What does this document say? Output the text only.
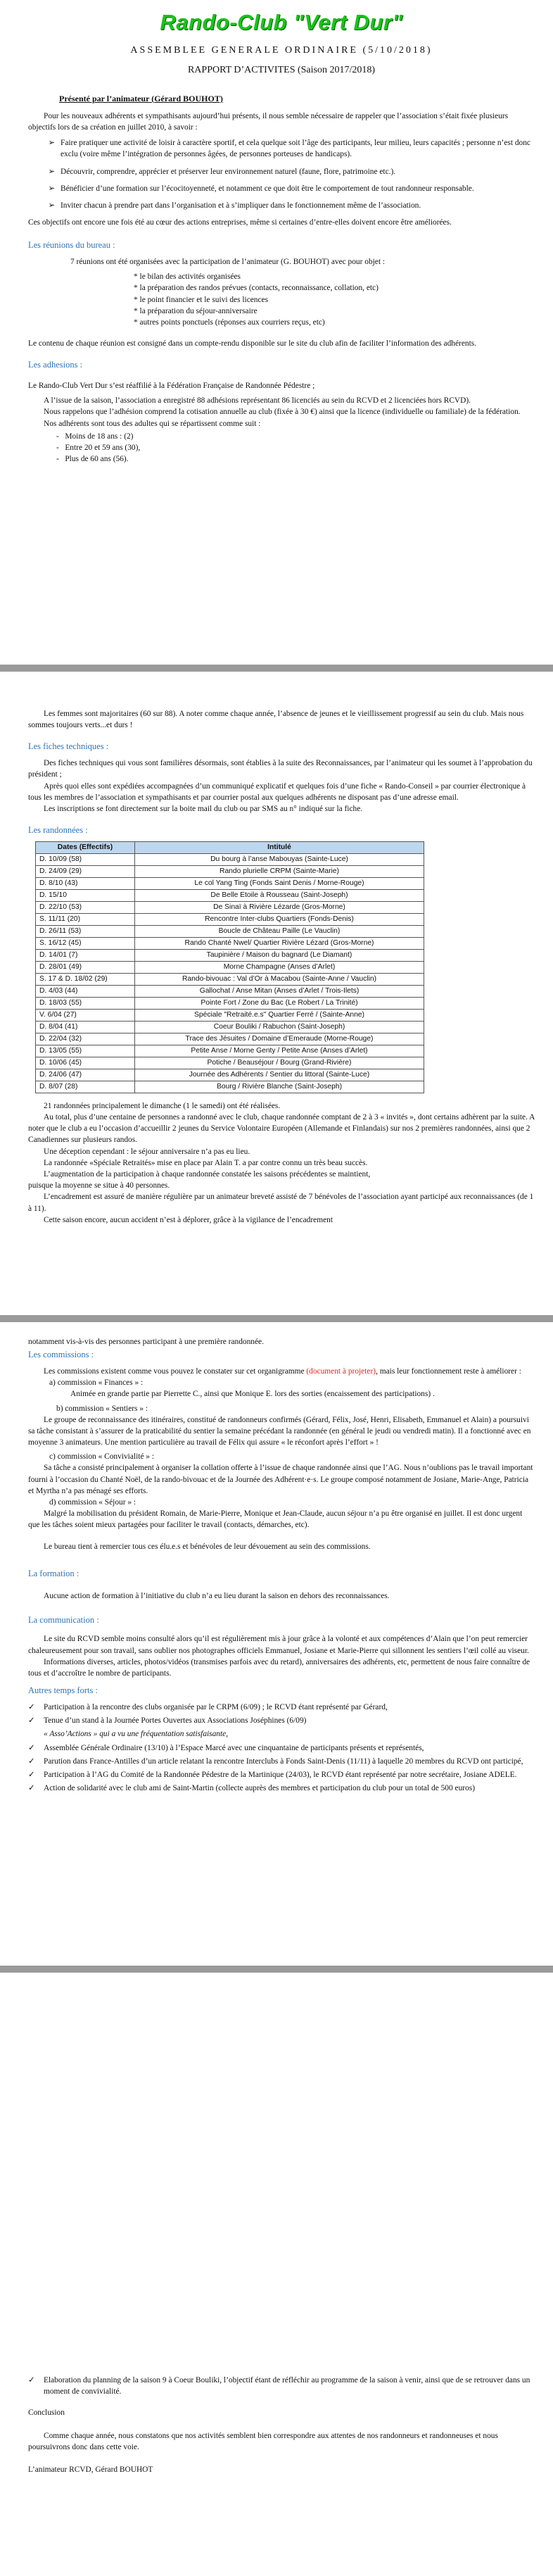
Rando-Club "Vert Dur"
ASSEMBLEE GENERALE ORDINAIRE (5/10/2018)
RAPPORT D’ACTIVITES (Saison 2017/2018)
Présenté par l’animateur (Gérard BOUHOT)

Pour les nouveaux adhérents et sympathisants aujourd’hui présents, il nous semble nécessaire de rappeler que l’association s’était fixée plusieurs objectifs lors de sa création en juillet 2010, à savoir :

➢ Faire pratiquer une activité de loisir à caractère sportif, et cela quelque soit l’âge des participants, leur milieu, leurs capacités ; personne n’est donc exclu (voire même l’intégration de personnes âgées, de personnes porteuses de handicaps).
➢ Découvrir, comprendre, apprécier et préserver leur environnement naturel (faune, flore, patrimoine etc.).
➢ Bénéficier d’une formation sur l’écocitoyenneté, et notamment ce que doit être le comportement de tout randonneur responsable.
➢ Inviter chacun à prendre part dans l’organisation et à s’impliquer dans le fonctionnement même de l’association.

Ces objectifs ont encore une fois été au cœur des actions entreprises, même si certaines d’entre-elles doivent encore être améliorées.

Les réunions du bureau :

7 réunions ont été organisées avec la participation de l’animateur (G. BOUHOT) avec pour objet :

* le bilan des activités organisées
* la préparation des randos prévues (contacts, reconnaissance, collation, etc)
* le point financier et le suivi des licences
* la préparation du séjour-anniversaire
* autres points ponctuels (réponses aux courriers reçus, etc)

Le contenu de chaque réunion est consigné dans un compte-rendu disponible sur le site du club afin de faciliter l’information des adhérents.

Les adhesions :

Le Rando-Club Vert Dur s’est réaffilié à la Fédération Française de Randonnée Pédestre ;

A l’issue de la saison, l’association a enregistré 88 adhésions représentant 86 licenciés au sein du RCVD et 2 licenciées hors RCVD).

Nous rappelons que l’adhésion comprend la cotisation annuelle au club (fixée à 30 €) ainsi que la licence (individuelle ou familiale) de la fédération.

Nos adhérents sont tous des adultes qui se répartissent comme suit :

- Moins de 18 ans : (2)
- Entre 20 et 59 ans (30),
- Plus de 60 ans (56).

Les femmes sont majoritaires (60 sur 88). A noter comme chaque année, l’absence de jeunes et le vieillissement progressif au sein du club. Mais nous sommes toujours verts...et durs !

Les fiches techniques :

Des fiches techniques qui vous sont familières désormais, sont établies à la suite des Reconnaissances, par l’animateur qui les soumet à l’approbation du président ;

Après quoi elles sont expédiées accompagnées d’un communiqué explicatif et quelques fois d’une fiche « Rando-Conseil » par courrier électronique à tous les membres de l’association et sympathisants et par courrier postal aux quelques adhérents ne disposant pas d’une adresse email.

Les inscriptions se font directement sur la boite mail du club ou par SMS au n° indiqué sur la fiche.

Les randonnées :
Dates (Effectifs)	Intitulé
D. 10/09 (58)	Du bourg à l’anse Mabouyas (Sainte-Luce)
D. 24/09 (29)	Rando plurielle CRPM (Sainte-Marie)
D. 8/10 (43)	Le col Yang Ting (Fonds Saint Denis / Morne-Rouge)
D. 15/10	De Belle Etoile à Rousseau (Saint-Joseph)
D. 22/10 (53)	De Sinaï à Rivière Lézarde (Gros-Morne)
S. 11/11 (20)	Rencontre Inter-clubs Quartiers (Fonds-Denis)
D. 26/11 (53)	Boucle de Château Paille (Le Vauclin)
S. 16/12 (45)	Rando Chanté Nwel/ Quartier Rivière Lézard (Gros-Morne)
D. 14/01 (7)	Taupinière / Maison du bagnard (Le Diamant)
D. 28/01 (49)	Morne Champagne (Anses d’Arlet)
S. 17 & D. 18/02 (29)	Rando-bivouac : Val d’Or à Macabou (Sainte-Anne / Vauclin)
D. 4/03 (44)	Gallochat / Anse Mitan (Anses d’Arlet / Trois-Ilets)
D. 18/03 (55)	Pointe Fort / Zone du Bac (Le Robert / La Trinité)
V. 6/04 (27)	Spéciale "Retraité.e.s" Quartier Ferré / (Sainte-Anne)
D. 8/04 (41)	Coeur Bouliki / Rabuchon (Saint-Joseph)
D. 22/04 (32)	Trace des Jésuites / Domaine d’Emeraude (Morne-Rouge)
D. 13/05 (55)	Petite Anse / Morne Genty / Petite Anse (Anses d’Arlet)
D. 10/06 (45)	Potiche / Beauséjour / Bourg (Grand-Rivière)
D. 24/06 (47)	Journée des Adhérents / Sentier du littoral (Sainte-Luce)
D. 8/07 (28)	Bourg / Rivière Blanche (Saint-Joseph)

21 randonnées principalement le dimanche (1 le samedi) ont été réalisées.

Au total, plus d’une centaine de personnes a randonné avec le club, chaque randonnée comptant de 2 à 3 « invités », dont certains adhèrent par la suite. A noter que le club a eu l’occasion d’accueillir 2 jeunes du Service Volontaire Européen (Allemande et Finlandais) sur nos 2 premières randonnées, ainsi que 2 Canadiennes sur plusieurs randos.

Une déception cependant : le séjour anniversaire n’a pas eu lieu.

La randonnée «Spéciale Retraités» mise en place par Alain T. a par contre connu un très beau succès.

L’augmentation de la participation à chaque randonnée constatée les saisons précédentes se maintient,

puisque la moyenne se situe à 40 personnes.

L’encadrement est assuré de manière régulière par un animateur breveté assisté de 7 bénévoles de l’association ayant participé aux reconnaissances (de 1 à 11).

Cette saison encore, aucun accident n’est à déplorer, grâce à la vigilance de l’encadrement

notamment vis-à-vis des personnes participant à une première randonnée.

Les commissions :

Les commissions existent comme vous pouvez le constater sur cet organigramme (document à projeter), mais leur fonctionnement reste à améliorer :

a) commission « Finances » :

Animée en grande partie par Pierrette C., ainsi que Monique E. lors des sorties (encaissement des participations) .

b) commission « Sentiers » :

Le groupe de reconnaissance des itinéraires, constitué de randonneurs confirmés (Gérard, Félix, José, Henri, Elisabeth, Emmanuel et Alain) a poursuivi sa tâche consistant à s’assurer de la praticabilité du sentier la semaine précédant la randonnée (en général le jeudi ou vendredi matin). Il a fonctionné avec en moyenne 3 animateurs. Une mention particulière au travail de Félix qui assure « le réconfort après l’effort » !

c) commission « Convivialité » :

Sa tâche a consisté principalement à organiser la collation offerte à l’issue de chaque randonnée ainsi que l’AG. Nous n’oublions pas le travail important fourni à l’occasion du Chanté Noël, de la rando-bivouac et de la Journée des Adhérent·e·s. Le groupe composé notamment de Josiane, Marie-Ange, Patricia et Myrtha n’a pas ménagé ses efforts.

d) commission « Séjour » :

Malgré la mobilisation du président Romain, de Marie-Pierre, Monique et Jean-Claude, aucun séjour n’a pu être organisé en juillet. Il est donc urgent que les tâches soient mieux partagées pour faciliter le travail (contacts, démarches, etc).

Le bureau tient à remercier tous ces élu.e.s et bénévoles de leur dévouement au sein des commissions.

La formation :

Aucune action de formation à l’initiative du club n’a eu lieu durant la saison en dehors des reconnaissances.

La communication :

Le site du RCVD semble moins consulté alors qu’il est régulièrement mis à jour grâce à la volonté et aux compétences d’Alain que l’on peut remercier chaleureusement pour son travail, sans oublier nos photographes officiels Emmanuel, Josiane et Marie-Pierre qui sillonnent les sentiers l’œil collé au viseur.

Informations diverses, articles, photos/vidéos (transmises parfois avec du retard), anniversaires des adhérents, etc, permettent de nous faire connaître de tous et d’accroître le nombre de participants.

Autres temps forts :
✓	Participation à la rencontre des clubs organisée par le CRPM (6/09) ; le RCVD étant représenté par Gérard,
✓	Tenue d’un stand à la Journée Portes Ouvertes aux Associations Joséphines (6/09)
« Asso’Actions » qui a vu une fréquentation satisfaisante,
✓	Assemblée Générale Ordinaire (13/10) à l’Espace Marcé avec une cinquantaine de participants présents et représentés,
✓	Parution dans France-Antilles d’un article relatant la rencontre Interclubs à Fonds Saint-Denis (11/11) à laquelle 20 membres du RCVD ont participé,
✓	Participation à l’AG du Comité de la Randonnée Pédestre de la Martinique (24/03), le RCVD étant représenté par notre secrétaire, Josiane ADELE.
✓	Action de solidarité avec le club ami de Saint-Martin (collecte auprès des membres et participation du club pour un total de 500 euros)
✓	Elaboration du planning de la saison 9 à Coeur Bouliki, l’objectif étant de réfléchir au programme de la saison à venir, ainsi que de se retrouver dans un moment de convivialité.

Conclusion

Comme chaque année, nous constatons que nos activités semblent bien correspondre aux attentes de nos randonneurs et randonneuses et nous poursuivrons donc dans cette voie.

L’animateur RCVD, Gérard BOUHOT
